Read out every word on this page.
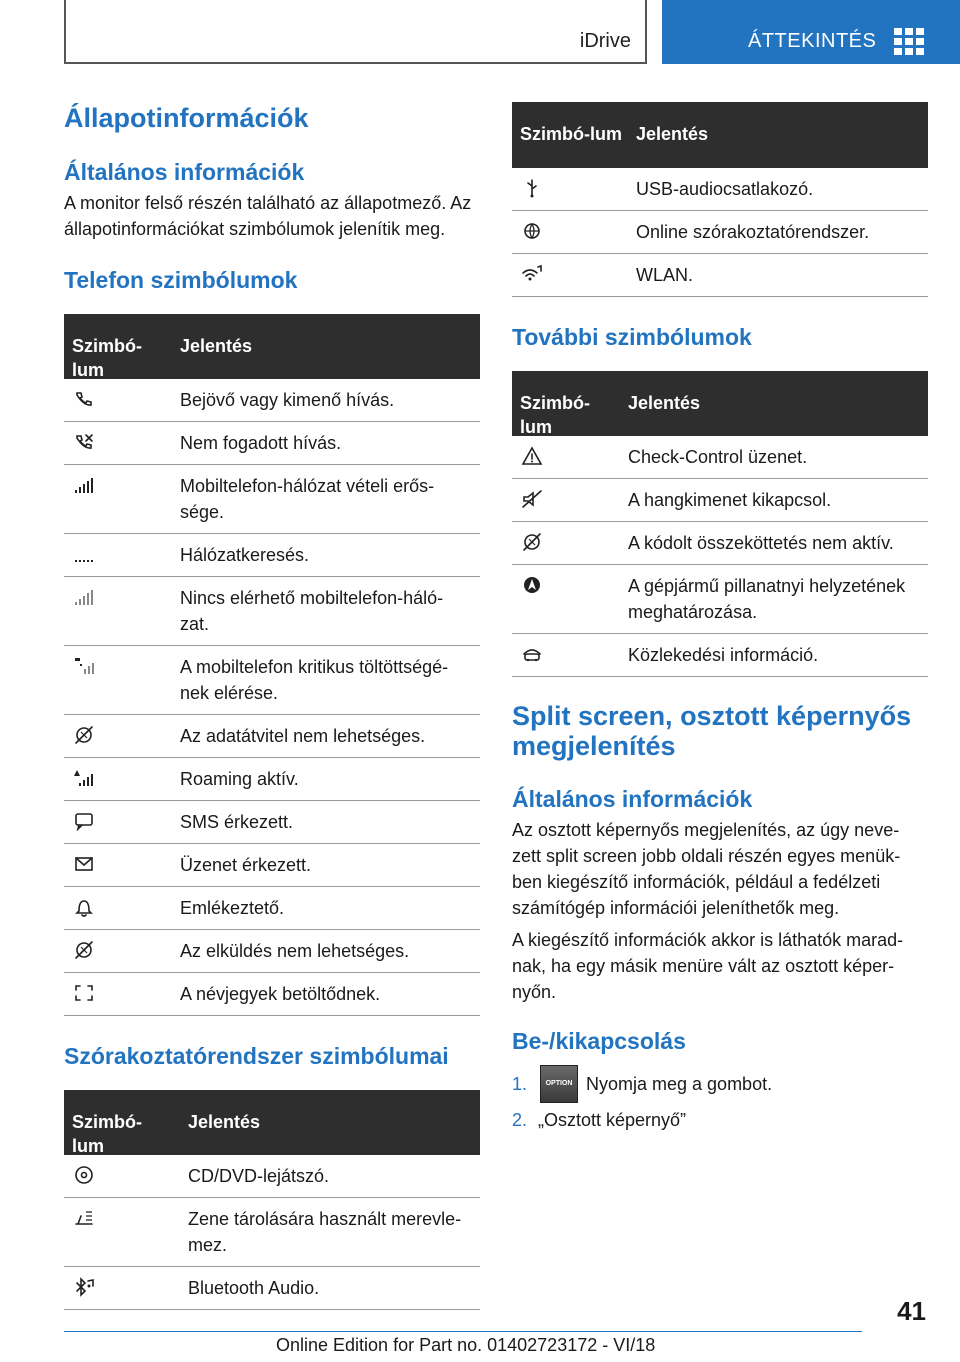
iDrive	ÁTTEKINTÉS
Állapotinformációk
Általános információk

A monitor felső részén található az állapotmező. Az állapotinformációkat szimbólumok jelenítik meg.

Telefon szimbólumok
Szimbó-lum
Jelentés
Bejövő vagy kimenő hívás.
Nem fogadott hívás.
Mobiltelefon-hálózat vételi erős-sége.
Hálózatkeresés.
Nincs elérhető mobiltelefon-háló-zat.
A mobiltelefon kritikus töltöttségé-nek elérése.
Az adatátvitel nem lehetséges.
Roaming aktív.
SMS érkezett.
Üzenet érkezett.
Emlékeztető.
Az elküldés nem lehetséges.
A névjegyek betöltődnek.
Szórakoztatórendszer szimbólumai
Szimbó-lum
Jelentés
CD/DVD-lejátszó.
Zene tárolására használt merevle-mez.
Bluetooth Audio.
Szimbó-lum Jelentés
USB-audiocsatlakozó.
Online szórakoztatórendszer.
WLAN.
További szimbólumok
Szimbó-lum
Jelentés
Check-Control üzenet.
A hangkimenet kikapcsol.
A kódolt összeköttetés nem aktív.
A gépjármű pillanatnyi helyzetének meghatározása.
Közlekedési információ.
Split screen, osztott képernyős megjelenítés
Általános információk

Az osztott képernyős megjelenítés, az úgy neve-zett split screen jobb oldali részén egyes menük-ben kiegészítő információk, például a fedélzeti számítógép információi jeleníthetők meg.

A kiegészítő információk akkor is láthatók marad-nak, ha egy másik menüre vált az osztott képer-nyőn.

Be-/kikapcsolás
1.	OPTION Nyomja meg a gombot.
2. „Osztott képernyő”
41
Online Edition for Part no. 01402723172 - VI/18
